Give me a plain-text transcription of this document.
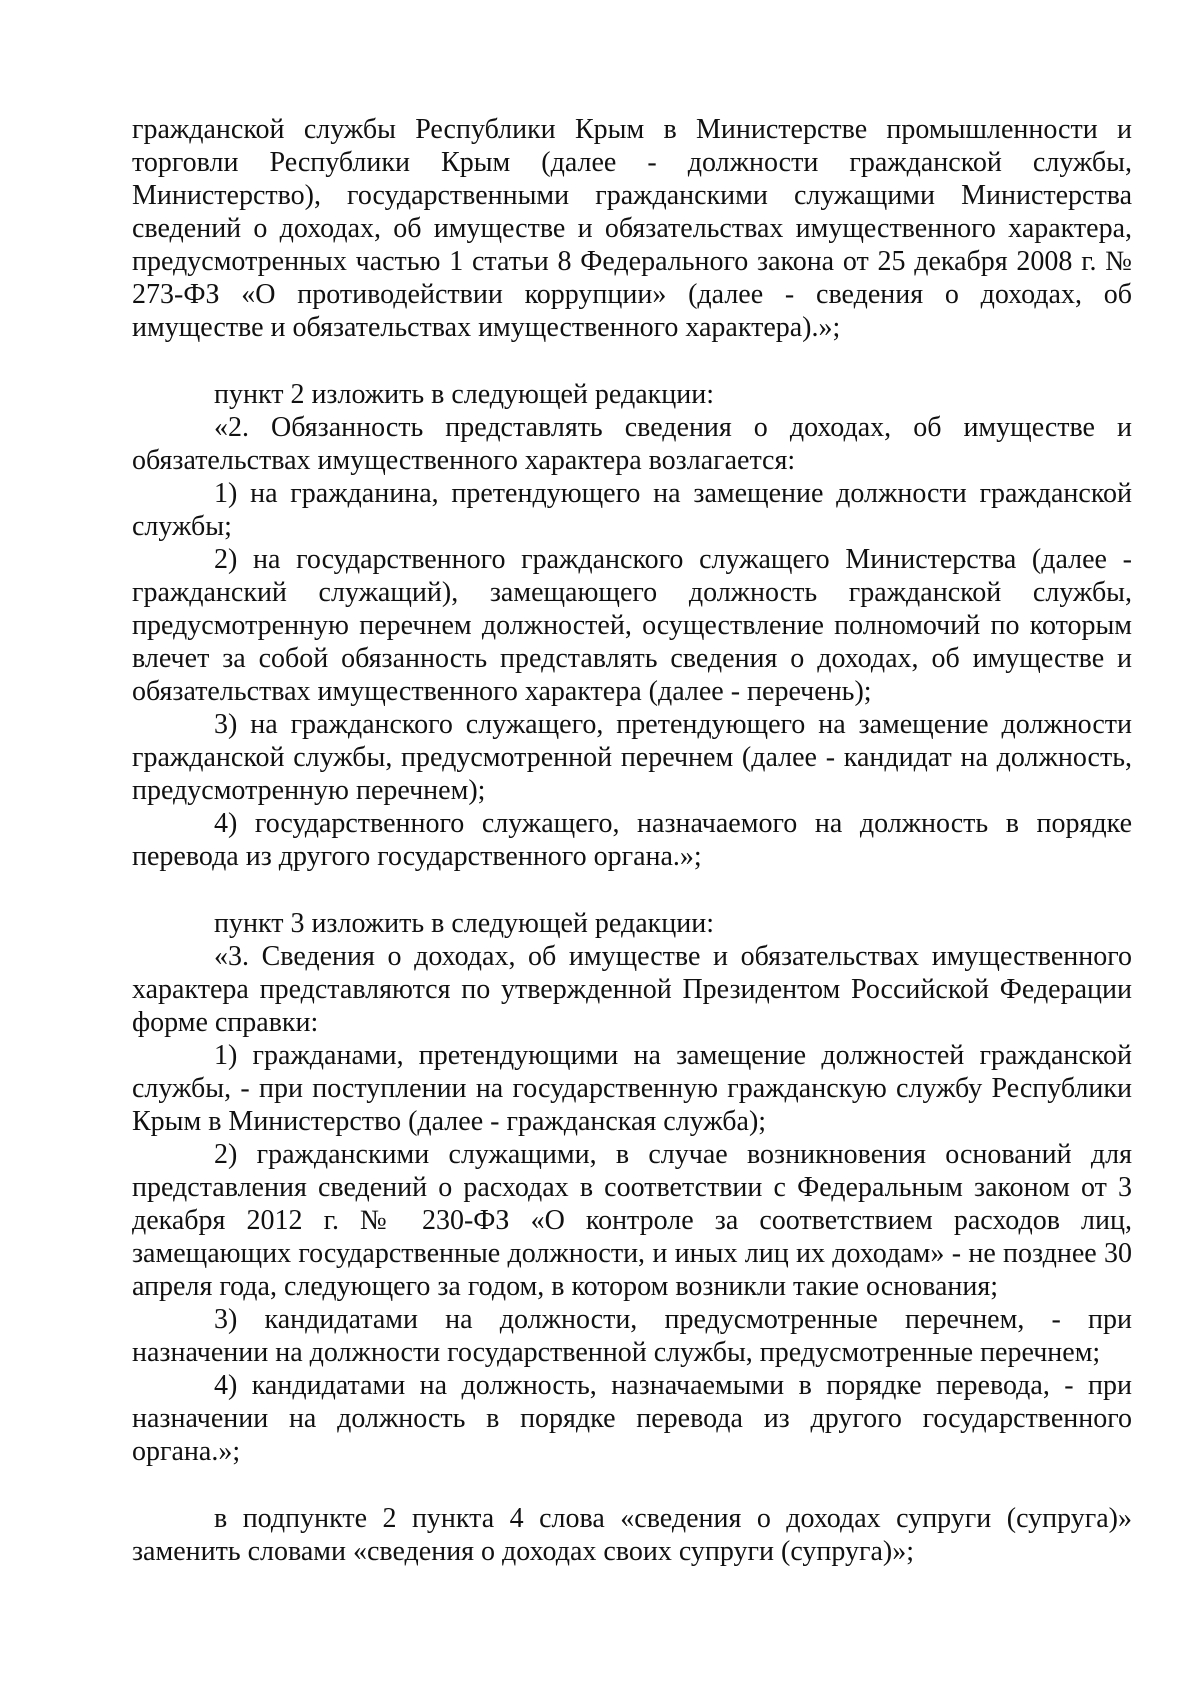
гражданской службы Республики Крым в Министерстве промышленности и торговли Республики Крым (далее - должности гражданской службы, Министерство), государственными гражданскими служащими Министерства сведений о доходах, об имуществе и обязательствах имущественного характера, предусмотренных частью 1 статьи 8 Федерального закона от 25 декабря 2008 г. № 273-ФЗ «О противодействии коррупции» (далее - сведения о доходах, об имуществе и обязательствах имущественного характера).»;

пункт 2 изложить в следующей редакции:

«2. Обязанность представлять сведения о доходах, об имуществе и обязательствах имущественного характера возлагается:

1) на гражданина, претендующего на замещение должности гражданской службы;

2) на государственного гражданского служащего Министерства (далее - гражданский служащий), замещающего должность гражданской службы, предусмотренную перечнем должностей, осуществление полномочий по которым влечет за собой обязанность представлять сведения о доходах, об имуществе и обязательствах имущественного характера (далее - перечень);

3) на гражданского служащего, претендующего на замещение должности гражданской службы, предусмотренной перечнем (далее - кандидат на должность, предусмотренную перечнем);

4) государственного служащего, назначаемого на должность в порядке перевода из другого государственного органа.»;

пункт 3 изложить в следующей редакции:

«3. Сведения о доходах, об имуществе и обязательствах имущественного характера представляются по утвержденной Президентом Российской Федерации форме справки:

1) гражданами, претендующими на замещение должностей гражданской службы, - при поступлении на государственную гражданскую службу Республики Крым в Министерство (далее - гражданская служба);

2) гражданскими служащими, в случае возникновения оснований для представления сведений о расходах в соответствии с Федеральным законом от 3 декабря 2012 г. № 230-ФЗ «О контроле за соответствием расходов лиц, замещающих государственные должности, и иных лиц их доходам» - не позднее 30 апреля года, следующего за годом, в котором возникли такие основания;

3) кандидатами на должности, предусмотренные перечнем, - при назначении на должности государственной службы, предусмотренные перечнем;

4) кандидатами на должность, назначаемыми в порядке перевода, - при назначении на должность в порядке перевода из другого государственного органа.»;

в подпункте 2 пункта 4 слова «сведения о доходах супруги (супруга)» заменить словами «сведения о доходах своих супруги (супруга)»;
